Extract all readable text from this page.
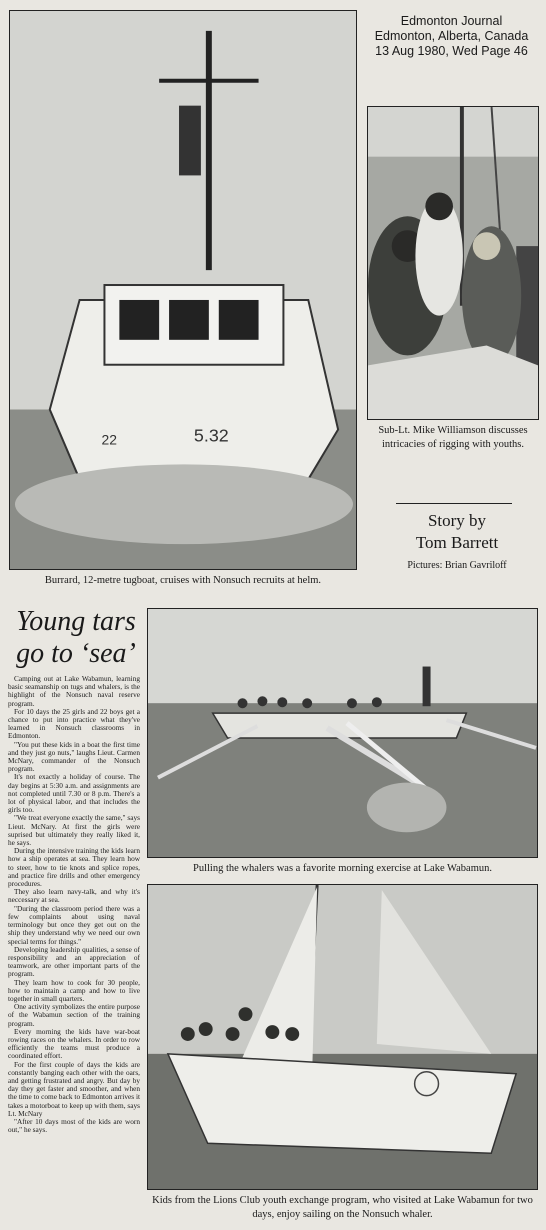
Edmonton Journal
Edmonton, Alberta, Canada
13 Aug 1980, Wed Page 46
22	5.32
Burrard, 12-metre tugboat, cruises with Nonsuch recruits at helm.
Sub-Lt. Mike Williamson discusses intricacies of rigging with youths.
Story by
Tom Barrett
Pictures: Brian Gavriloff
Young tars
go to ‘sea’

Camping out at Lake Wabamun, learning basic seamanship on tugs and whalers, is the highlight of the Nonsuch naval reserve program.

For 10 days the 25 girls and 22 boys get a chance to put into practice what they've learned in Nonsuch classrooms in Edmonton.

"You put these kids in a boat the first time and they just go nuts," laughs Lieut. Carmen McNary, commander of the Nonsuch program.

It's not exactly a holiday of course. The day begins at 5:30 a.m. and assignments are not completed until 7.30 or 8 p.m. There's a lot of physical labor, and that includes the girls too.

"We treat everyone exactly the same," says Lieut. McNary. At first the girls were suprised but ultimately they really liked it, he says.

During the intensive training the kids learn how a ship operates at sea. They learn how to steer, how to tie knots and splice ropes, and practice fire drills and other emergency procedures.

They also learn navy-talk, and why it's neccessary at sea.

"During the classroom period there was a few complaints about using naval terminology but once they get out on the ship they understand why we need our own special terms for things."

Developing leadership qualities, a sense of responsibility and an appreciation of teamwork, are other important parts of the program.

They learn how to cook for 30 people, how to maintain a camp and how to live together in small quarters.

One activity symbolizes the entire purpose of the Wabamun section of the training program.

Every morning the kids have war-boat rowing races on the whalers. In order to row efficiently the teams must produce a coordinated effort.

For the first couple of days the kids are constantly banging each other with the oars, and getting frustrated and angry. But day by day they get faster and smoother, and when the time to come back to Edmonton arrives it takes a motorboat to keep up with them, says Lt. McNary

"After 10 days most of the kids are worn out," he says.

Pulling the whalers was a favorite morning exercise at Lake Wabamun.
Kids from the Lions Club youth exchange program, who visited at Lake Wabamun for two days, enjoy sailing on the Nonsuch whaler.
